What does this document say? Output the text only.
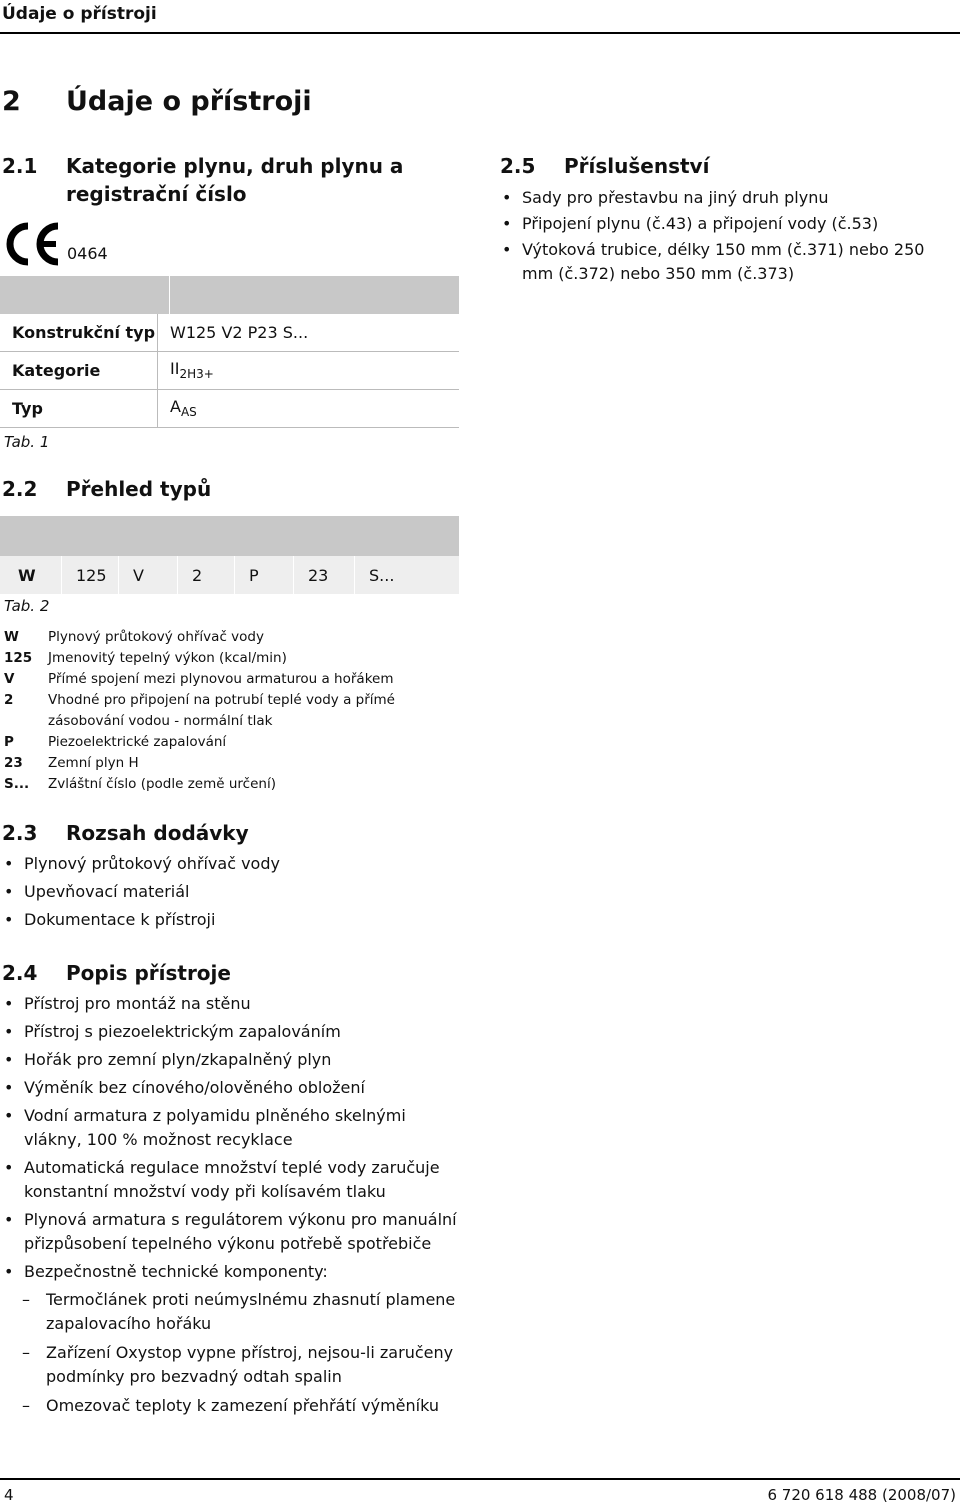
Údaje o přístroji
2 Údaje o přístroji
2.1 Kategorie plynu, druh plynu a
registrační číslo
0464
Konstrukční typ	W125 V2 P23 S...
Kategorie	$II_{2H3+}$
Typ	$A_{AS}$
Tab. 1
2.2 Přehled typů
W	125	V	2	P	23	S...
Tab. 2
W Plynový průtokový ohřívač vody
125 Jmenovitý tepelný výkon (kcal/min)
V Přímé spojení mezi plynovou armaturou a hořákem
2	Vhodné pro připojení na potrubí teplé vody a přímé
zásobování vodou - normální tlak
P	Piezoelektrické zapalování
23 Zemní plyn H
S... Zvláštní číslo (podle země určení)
2.3 Rozsah dodávky
• Plynový průtokový ohřívač vody
• Upevňovací materiál
• Dokumentace k přístroji
2.4 Popis přístroje
• Přístroj pro montáž na stěnu
• Přístroj s piezoelektrickým zapalováním
• Hořák pro zemní plyn/zkapalněný plyn
• Výměník bez cínového/olověného obložení
• Vodní armatura z polyamidu plněného skelnými vlákny, 100 % možnost recyklace
• Automatická regulace množství teplé vody zaručuje konstantní množství vody při kolísavém tlaku
• Plynová armatura s regulátorem výkonu pro manuální přizpůsobení tepelného výkonu potřebě spotřebiče
• Bezpečnostně technické komponenty:
– Termočlánek proti neúmyslnému zhasnutí plamene zapalovacího hořáku
– Zařízení Oxystop vypne přístroj, nejsou-li zaručeny podmínky pro bezvadný odtah spalin
– Omezovač teploty k zamezení přehřátí výměníku
2.5 Příslušenství
• Sady pro přestavbu na jiný druh plynu
• Připojení plynu (č.43) a připojení vody (č.53)
• Výtoková trubice, délky 150 mm (č.371) nebo 250 mm (č.372) nebo 350 mm (č.373)
4	6 720 618 488 (2008/07)
